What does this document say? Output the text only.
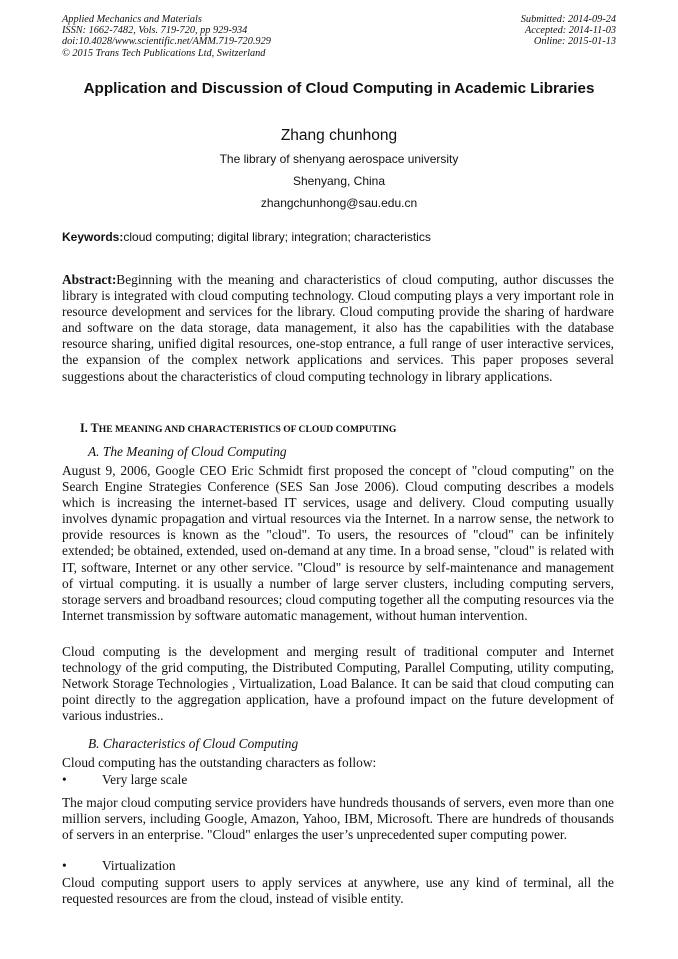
Applied Mechanics and Materials
ISSN: 1662-7482, Vols. 719-720, pp 929-934
doi:10.4028/www.scientific.net/AMM.719-720.929
© 2015 Trans Tech Publications Ltd, Switzerland
Submitted: 2014-09-24
Accepted: 2014-11-03
Online: 2015-01-13
Application and Discussion of Cloud Computing in Academic Libraries
Zhang chunhong
The library of shenyang aerospace university
Shenyang, China
zhangchunhong@sau.edu.cn
Keywords:cloud computing; digital library; integration; characteristics
Abstract:Beginning with the meaning and characteristics of cloud computing, author discusses the library is integrated with cloud computing technology. Cloud computing plays a very important role in resource development and services for the library. Cloud computing provide the sharing of hardware and software on the data storage, data management, it also has the capabilities with the database resource sharing, unified digital resources, one-stop entrance, a full range of user interactive services, the expansion of the complex network applications and services. This paper proposes several suggestions about the characteristics of cloud computing technology in library applications.
I. THE MEANING AND CHARACTERISTICS OF CLOUD COMPUTING
A. The Meaning of Cloud Computing
August 9, 2006, Google CEO Eric Schmidt first proposed the concept of "cloud computing" on the Search Engine Strategies Conference (SES San Jose 2006). Cloud computing describes a models which is increasing the internet-based IT services, usage and delivery. Cloud computing usually involves dynamic propagation and virtual resources via the Internet. In a narrow sense, the network to provide resources is known as the "cloud". To users, the resources of "cloud" can be infinitely extended; be obtained, extended, used on-demand at any time. In a broad sense, "cloud" is related with IT, software, Internet or any other service. "Cloud" is resource by self-maintenance and management of virtual computing. it is usually a number of large server clusters, including computing servers, storage servers and broadband resources; cloud computing together all the computing resources via the Internet transmission by software automatic management, without human intervention.
Cloud computing is the development and merging result of traditional computer and Internet technology of the grid computing, the Distributed Computing, Parallel Computing, utility computing, Network Storage Technologies , Virtualization, Load Balance. It can be said that cloud computing can point directly to the aggregation application, have a profound impact on the future development of various industries..
B. Characteristics of Cloud Computing
Cloud computing has the outstanding characters as follow:
•	Very large scale
The major cloud computing service providers have hundreds thousands of servers, even more than one million servers, including Google, Amazon, Yahoo, IBM, Microsoft. There are hundreds of thousands of servers in an enterprise. "Cloud" enlarges the user’s unprecedented super computing power.
•	Virtualization
Cloud computing support users to apply services at anywhere, use any kind of terminal, all the requested resources are from the cloud, instead of visible entity.
